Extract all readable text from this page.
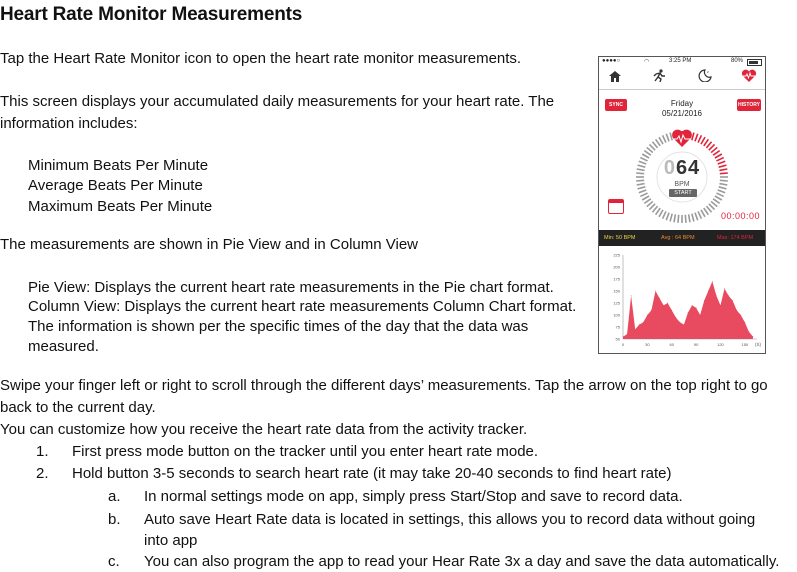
Heart Rate Monitor Measurements
Tap the Heart Rate Monitor icon to open the heart rate monitor measurements.
This screen displays your accumulated daily measurements for your heart rate. The
information includes:
Minimum Beats Per Minute
Average Beats Per Minute
Maximum Beats Per Minute
The measurements are shown in Pie View and in Column View
Pie View: Displays the current heart rate measurements in the Pie chart format.
Column View: Displays the current heart rate measurements Column Chart format.
The information is shown per the specific times of the day that the data was
measured.
Swipe your finger left or right to scroll through the different days’ measurements. Tap the arrow on the top right to go
back to the current day.
You can customize how you receive the heart rate data from the activity tracker.
1. First press mode button on the tracker until you enter heart rate mode.
2. Hold button 3-5 seconds to search heart rate (it may take 20-40 seconds to find heart rate)
a. In normal settings mode on app, simply press Start/Stop and save to record data.
b. Auto save Heart Rate data is located in settings, this allows you to record data without going
into app
c. You can also program the app to read your Hear Rate 3x a day and save the data automatically.
●●●●○	◠	3:25 PM	80%
z
SYNC	HISTORY
Friday
05/21/2016
064
BPM
START
00:00:00
Min: 50 BPM	Avg : 64 BPM	Max: 174 BPM
50
75
100
125
150
175
200
225
0	30	60	90	120	150 (S)
